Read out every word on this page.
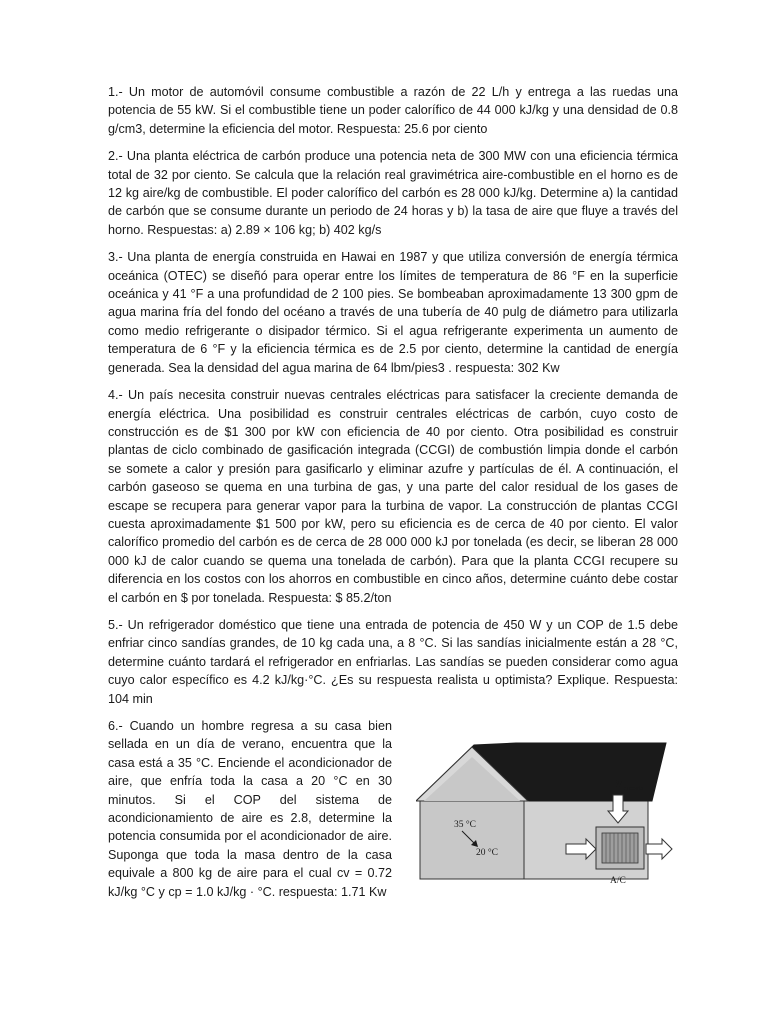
1.- Un motor de automóvil consume combustible a razón de 22 L/h y entrega a las ruedas una potencia de 55 kW. Si el combustible tiene un poder calorífico de 44 000 kJ/kg y una densidad de 0.8 g/cm3, determine la eficiencia del motor. Respuesta: 25.6 por ciento

2.- Una planta eléctrica de carbón produce una potencia neta de 300 MW con una eficiencia térmica total de 32 por ciento. Se calcula que la relación real gravimétrica aire-combustible en el horno es de 12 kg aire/kg de combustible. El poder calorífico del carbón es 28 000 kJ/kg. Determine a) la cantidad de carbón que se consume durante un periodo de 24 horas y b) la tasa de aire que fluye a través del horno. Respuestas: a) 2.89 × 106 kg; b) 402 kg/s

3.- Una planta de energía construida en Hawai en 1987 y que utiliza conversión de energía térmica oceánica (OTEC) se diseñó para operar entre los límites de temperatura de 86 °F en la superficie oceánica y 41 °F a una profundidad de 2 100 pies. Se bombeaban aproximadamente 13 300 gpm de agua marina fría del fondo del océano a través de una tubería de 40 pulg de diámetro para utilizarla como medio refrigerante o disipador térmico. Si el agua refrigerante experimenta un aumento de temperatura de 6 °F y la eficiencia térmica es de 2.5 por ciento, determine la cantidad de energía generada. Sea la densidad del agua marina de 64 lbm/pies3 . respuesta: 302 Kw

4.- Un país necesita construir nuevas centrales eléctricas para satisfacer la creciente demanda de energía eléctrica. Una posibilidad es construir centrales eléctricas de carbón, cuyo costo de construcción es de $1 300 por kW con eficiencia de 40 por ciento. Otra posibilidad es construir plantas de ciclo combinado de gasificación integrada (CCGI) de combustión limpia donde el carbón se somete a calor y presión para gasificarlo y eliminar azufre y partículas de él. A continuación, el carbón gaseoso se quema en una turbina de gas, y una parte del calor residual de los gases de escape se recupera para generar vapor para la turbina de vapor. La construcción de plantas CCGI cuesta aproximadamente $1 500 por kW, pero su eficiencia es de cerca de 40 por ciento. El valor calorífico promedio del carbón es de cerca de 28 000 000 kJ por tonelada (es decir, se liberan 28 000 000 kJ de calor cuando se quema una tonelada de carbón). Para que la planta CCGI recupere su diferencia en los costos con los ahorros en combustible en cinco años, determine cuánto debe costar el carbón en $ por tonelada. Respuesta: $ 85.2/ton

5.- Un refrigerador doméstico que tiene una entrada de potencia de 450 W y un COP de 1.5 debe enfriar cinco sandías grandes, de 10 kg cada una, a 8 °C. Si las sandías inicialmente están a 28 °C, determine cuánto tardará el refrigerador en enfriarlas. Las sandías se pueden considerar como agua cuyo calor específico es 4.2 kJ/kg·°C. ¿Es su respuesta realista u optimista? Explique. Respuesta: 104 min

6.- Cuando un hombre regresa a su casa bien sellada en un día de verano, encuentra que la casa está a 35 °C. Enciende el acondicionador de aire, que enfría toda la casa a 20 °C en 30 minutos. Si el COP del sistema de acondicionamiento de aire es 2.8, determine la potencia consumida por el acondicionador de aire. Suponga que toda la masa dentro de la casa equivale a 800 kg de aire para el cual cv = 0.72 kJ/kg °C y cp = 1.0 kJ/kg · °C. respuesta: 1.71 Kw

35 °C
20 °C
W entrada
A/C
